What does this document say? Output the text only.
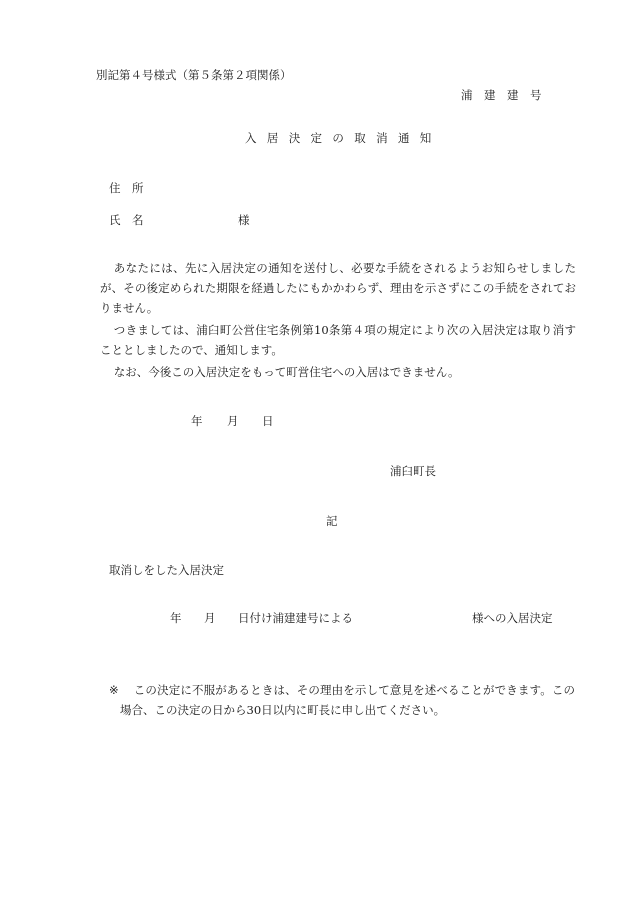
別記第４号様式（第５条第２項関係）
浦　建　建　号
入居決定の取消通知
住　所
氏　名	様
あなたには、先に入居決定の通知を送付し、必要な手続をされるようお知らせしましたが、その後定められた期限を経過したにもかかわらず、理由を示さずにこの手続をされておりません。
つきましては、浦臼町公営住宅条例第10条第４項の規定により次の入居決定は取り消すこととしましたので、通知します。
なお、今後この入居決定をもって町営住宅への入居はできません。
年 月 日
浦臼町長
記
取消しをした入居決定
年 月 日付け浦建建号による	様への入居決定
※	この決定に不服があるときは、その理由を示して意見を述べることができます。この場合、この決定の日から30日以内に町長に申し出てください。
